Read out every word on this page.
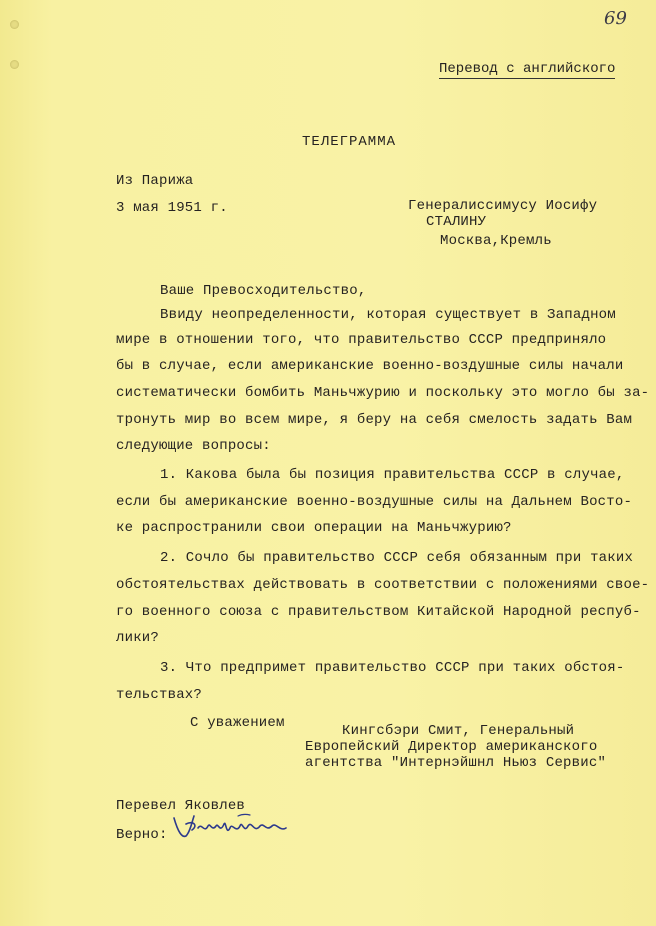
69
Перевод с английского
ТЕЛЕГРАММА
Из Парижа
3 мая 1951 г.	Генералиссимусу Иосифу
СТАЛИНУ
Москва,Кремль
Ваше Превосходительство,
Ввиду неопределенности, которая существует в Западном
мире в отношении того, что правительство СССР предприняло
бы в случае, если американские военно-воздушные силы начали
систематически бомбить Маньчжурию и поскольку это могло бы за-
тронуть мир во всем мире, я беру на себя смелость задать Вам
следующие вопросы:
1. Какова была бы позиция правительства СССР в случае,
если бы американские военно-воздушные силы на Дальнем Восто-
ке распространили свои операции на Маньчжурию?
2. Сочло бы правительство СССР себя обязанным при таких
обстоятельствах действовать в соответствии с положениями свое-
го военного союза с правительством Китайской Народной респуб-
лики?
3. Что предпримет правительство СССР при таких обстоя-
тельствах?
С уважением	Кингсбэри Смит, Генеральный
Европейский Директор американского
агентства "Интернэйшнл Ньюз Сервис"
Перевел Яковлев
Верно:
